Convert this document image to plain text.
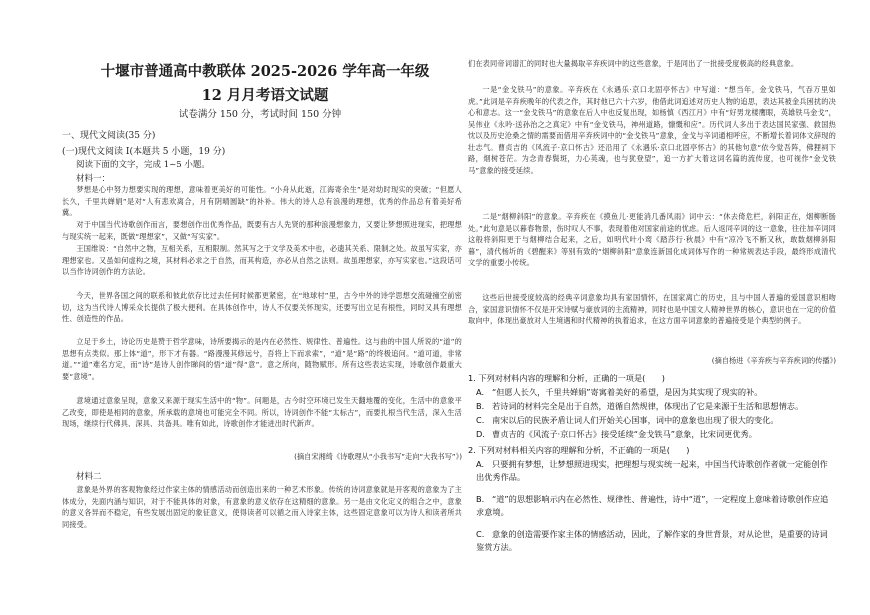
十堰市普通高中教联体 2025-2026 学年高一年级
12 月月考语文试题
试卷满分 150 分，考试时间 150 分钟
一、现代文阅读(35 分)
(一)现代文阅读 I(本题共 5 小题，19 分)
阅读下面的文字，完成 1~5 小题。
材料一：
梦想是心中努力想要实现的理想，意味着更美好的可能性。“小舟从此逝，江海寄余生”是对幼时现实的突破；“但愿人长久，千里共婵娟”是对“人有悲欢离合，月有阴晴圆缺”的补补。伟大的诗人总有浪漫的理想，优秀的作品总有着美好希冀。
对于中国当代诗歌创作而言，要想创作出优秀作品，既要有古人先贤的那种浪漫想象力，又要让梦想照进现实，把理想与现实统一起来，既做“理想家”，又做“写实家”。
王国维说：“自然中之物，互相关系，互相限制。然其写之于文学及美术中也，必遗其关系、限制之处。故虽写实家，亦理想家也。又虽如何虚构之境，其材料必求之于自然，而其构造，亦必从自然之法则。故虽理想家，亦写实家也。”这段话可以当作诗词创作的方法论。
今天，世界各国之间的联系和彼此依存比过去任何时候都更紧密，在“地球村”里，古今中外的诗学思想交流碰撞空前密切，这为当代诗人博采众长提供了极大便利。在具体创作中，诗人不仅要关怀现实，还要写出立足有根性，同时又具有理想性、创造性的作品。
立足于乡土，诗论历史是赞于哲学意味，诗所要揭示的是内在必然性、规律性、普遍性。这与曲的中国人所说的“道”的思想有点类似。那上体“道”，形下才有器。“路漫漫其修远兮，吾将上下而求索”，“道”是“路”的终极追问。“道可道，非常道。”“道”难名方定，而“诗”是诗人创作睇间的悟“道”得“意”。意之所向，随物赋形。所有这些表达实现，诗歌创作最重大要“意境”。
意境通过意象呈现，意象又来源于现实生活中的“物”。问题是，古今时空环境已发生天翻地覆的变化，生活中的意象平乙改变，即使是相同的意象，所承载的意境也可能完全不同。所以，诗词创作不能“太标古”，而要扎根当代生活，深入生活现场，继续行代佛具、深具、共备具。唯有如此，诗歌创作才能迸出时代新声。
(摘自宋湘绮《诗歌理从“小我书写”走向“大我书写”》)
材料二
意象是外界的客观物象经过作家主体的情感活动而创造出来的一种艺术形象。传统的诗词意象就是开客观的意象为了主体成分，先面内涵与知识，对于不能具体的对象，有意象的意义依存在这精细的意象。另一是由文化定义的组合之中，意象的意义各异而不稳定，有些发展出固定的象征意义，使得读者可以循之而入诗家主体，这些固定意象可以为诗人和读者所共同接受。
们在表同帝词谱汇的同时也大量揭取辛弃疾词中的这些意象，于是同出了一批接受度极高的经典意象。
一是“金戈铁马”的意象。辛弃疾在《永遇乐·京口北固亭怀古》中写道：“想当年，金戈铁马，气吞万里如虎。”此词是辛弃疾晚年的代表之作，其时他已六十六岁，他借此词追述对历史人物的追思，表达其被金兵困扰的决心和意志。这一“金戈铁马”的意象在后人中也反复出现，如杨慎《西江月》中有“好男龙楼鹰眼，英雄铁马金戈”，吴伟业《永吟·送孙治之之真定》中有“金戈铁马，神州道路，慷慨和应”。历代词人多出于表达国民家强、救国热忱以及历史沧桑之情的需要而借用辛弃疾词中的“金戈铁马”意象，金戈与辛词通相呼应，不断增长着词体文辞现的壮志气。曹贞吉的《风流子·京口怀古》还沿用了《永遇乐·京口北固亭怀古》的其他句意“依今觉吾阵，佛狸祠下路，烟树苍茫。为念青春鬓斑，力心英魂，也与犹登望”，追一方扩大着这词名篇的流传度，也可视作“金戈铁马”意象的接受延续。
二是“烟柳斜阳”的意象。辛弃疾在《摸鱼儿·更能消几番风雨》词中云：“休去倚危栏，斜阳正在，烟柳断肠处。”此句意是以暮春物景，伤时叹人不事，表现着他对国家前途的忧虑。后人返同辛词的这一意象，往往加辛词同这般将斜阳更于与烟柳结合起来，之后，如明代叶小鸾《踏莎行·秋晨》中有“凉冷飞不断又秋，敢数烟柳斜阳暮”，清代杨圻的《碧醒来》等别有致的“烟柳斜阳”意象连新国化成词体写作的一种常规表达手段，最终形成清代文学的重要小传统。
这些后世接受度较高的经典辛词意象均具有家国情怀，在国家离亡的历史，且与中国人普遍的爱国意识相吻合，家国意识情怀不仅是开宋诗赋与豪放词的主流精神，同时也是中国文人精神世界的核心，意识也在一定的价值取向中，体现出豪放对人生境遇和时代精神的执着追求，在这方面辛词意象的普遍接受是个典型的例子。
(摘自杨进《辛弃疾与辛弃疾词的传播》)
1. 下列对材料内容的理解和分析，正确的一项是(　　)
A. “但愿人长久，千里共婵娟”寄寓着美好的希望，是因为其实现了现实的补。
B. 若诗词的材料完全是出于自然，道循自然规律，体现出了它是来源于生活和思想情志。
C. 南宋以后的民族矛盾让词人们开始关心国事，词中的意象也出现了很大的变化。
D. 曹贞吉的《风流子·京口怀古》接受延续“金戈铁马”意象，比宋词更优秀。
2. 下列对材料相关内容的理解和分析，不正确的一项是(　　)
A. 只要拥有梦想，让梦想照进现实，把理想与现实统一起来，中国当代诗歌创作者就一定能创作出优秀作品。
B. “道”的思想影响示内在必然性、规律性、普遍性，诗中“道”，一定程度上意味着诗歌创作应追求意境。
C. 意象的创造需要作家主体的情感活动，因此，了解作家的身世背景，对从论世，是重要的诗词鉴赏方法。
